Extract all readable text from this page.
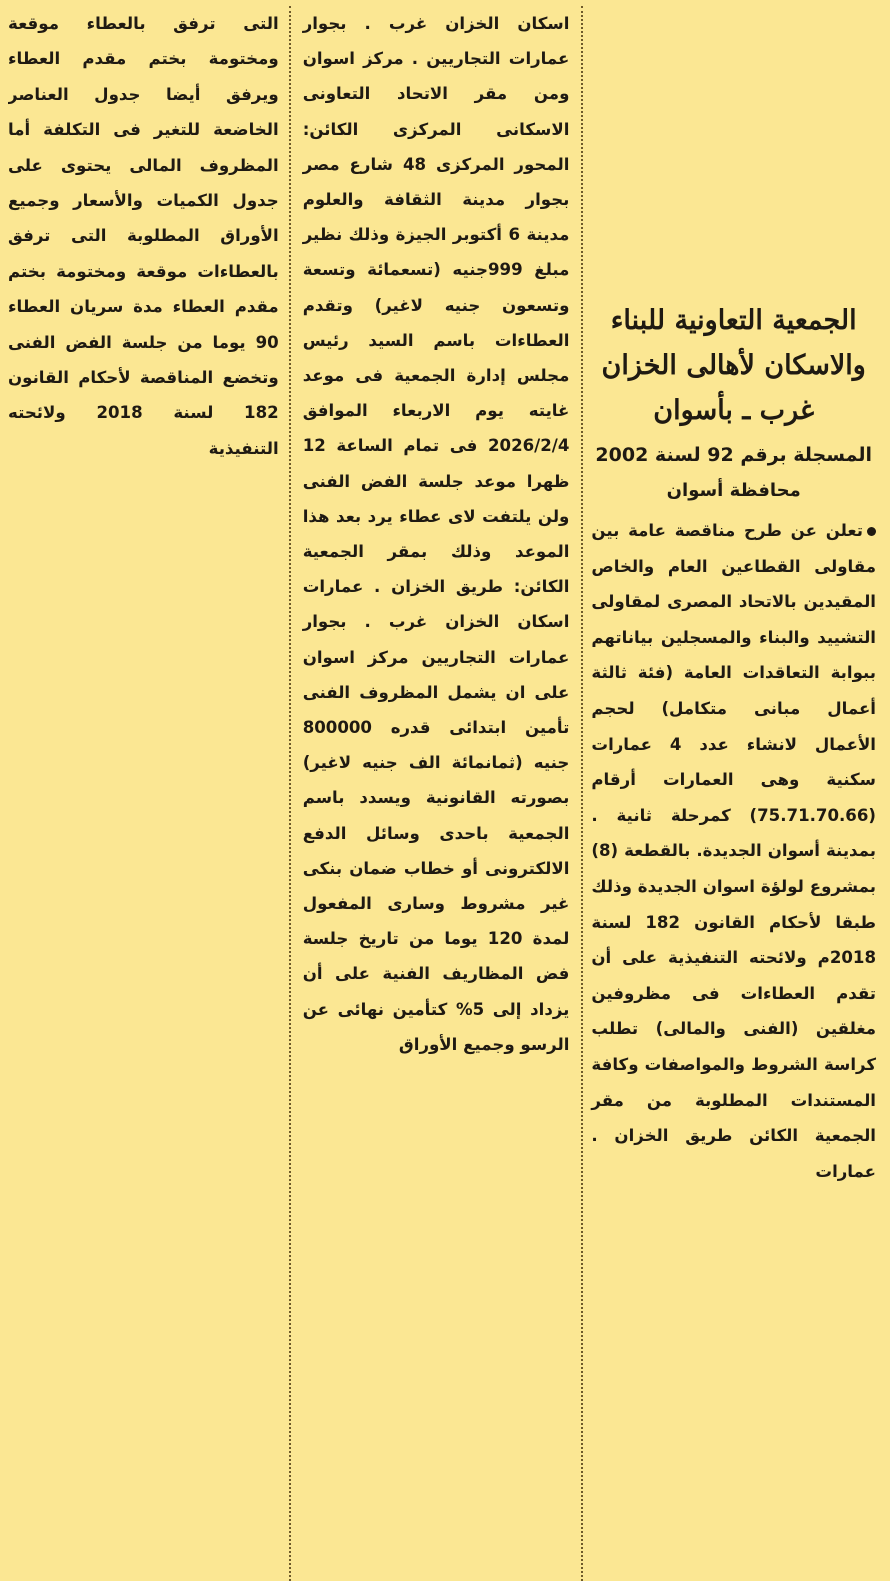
الجمعية التعاونية للبناء والاسكان لأهالى الخزان غرب ـ بأسوان
المسجلة برقم 92 لسنة 2002
محافظة أسوان
تعلن عن طرح مناقصة عامة بين مقاولى القطاعين العام والخاص المقيدين بالاتحاد المصرى لمقاولى التشييد والبناء والمسجلين بياناتهم ببوابة التعاقدات العامة (فئة ثالثة أعمال مبانى متكامل) لحجم الأعمال لانشاء عدد 4 عمارات سكنية وهى العمارات أرقام (75.71.70.66) كمرحلة ثانية . بمدينة أسوان الجديدة. بالقطعة (8) بمشروع لولؤة اسوان الجديدة وذلك طبقا لأحكام القانون 182 لسنة 2018م ولائحته التنفيذية على أن تقدم العطاءات فى مظروفين مغلقين (الفنى والمالى) تطلب كراسة الشروط والمواصفات وكافة المستندات المطلوبة من مقر الجمعية الكائن طريق الخزان . عمارات
اسكان الخزان غرب . بجوار عمارات التجاريين . مركز اسوان ومن مقر الاتحاد التعاونى الاسكانى المركزى الكائن: المحور المركزى 48 شارع مصر بجوار مدينة الثقافة والعلوم مدينة 6 أكتوبر الجيزة وذلك نظير مبلغ 999جنيه (تسعمائة وتسعة وتسعون جنيه لاغير) وتقدم العطاءات باسم السيد رئيس مجلس إدارة الجمعية فى موعد غايته يوم الاربعاء الموافق 2026/2/4 فى تمام الساعة 12 ظهرا موعد جلسة الفض الفنى ولن يلتفت لاى عطاء يرد بعد هذا الموعد وذلك بمقر الجمعية الكائن: طريق الخزان . عمارات اسكان الخزان غرب . بجوار عمارات التجاريين مركز اسوان على ان يشمل المظروف الفنى تأمين ابتدائى قدره 800000 جنيه (ثمانمائة الف جنيه لاغير) بصورته القانونية ويسدد باسم الجمعية باحدى وسائل الدفع الالكترونى أو خطاب ضمان بنكى غير مشروط وسارى المفعول لمدة 120 يوما من تاريخ جلسة فض المظاريف الفنية على أن يزداد إلى 5% كتأمين نهائى عن الرسو وجميع الأوراق
التى ترفق بالعطاء موقعة ومختومة بختم مقدم العطاء ويرفق أيضا جدول العناصر الخاضعة للتغير فى التكلفة أما المظروف المالى يحتوى على جدول الكميات والأسعار وجميع الأوراق المطلوبة التى ترفق بالعطاءات موقعة ومختومة بختم مقدم العطاء مدة سريان العطاء 90 يوما من جلسة الفض الفنى وتخضع المناقصة لأحكام القانون 182 لسنة 2018 ولائحته التنفيذية
